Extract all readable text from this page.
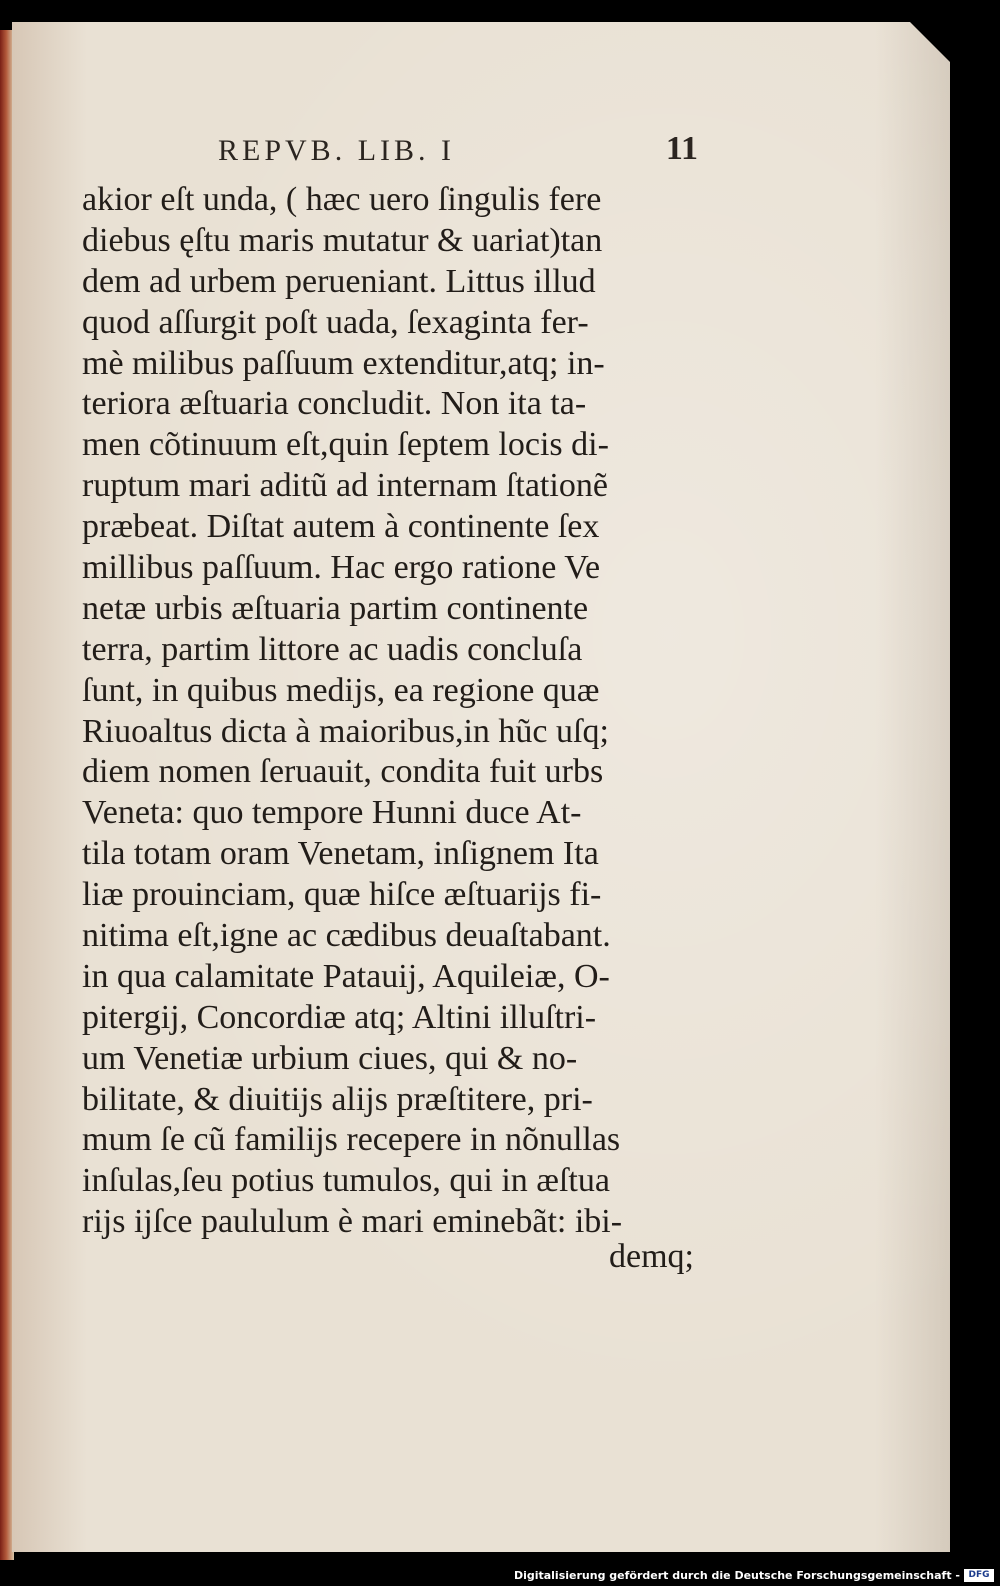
REPVB. LIB. I	11
akior eſt unda, ( hæc uero ſingulis fere
diebus ęſtu maris mutatur & uariat)tan
dem ad urbem perueniant. Littus illud
quod aſſurgit poſt uada, ſexaginta fer-
mè milibus paſſuum extenditur,atq; in-
teriora æſtuaria concludit. Non ita ta-
men cõtinuum eſt,quin ſeptem locis di-
ruptum mari aditũ ad internam ſtationẽ
præbeat. Diſtat autem à continente ſex
millibus paſſuum. Hac ergo ratione Ve
netæ urbis æſtuaria partim continente
terra, partim littore ac uadis concluſa
ſunt, in quibus medijs, ea regione quæ
Riuoaltus dicta à maioribus,in hũc uſq;
diem nomen ſeruauit, condita fuit urbs
Veneta: quo tempore Hunni duce At-
tila totam oram Venetam, inſignem Ita
liæ prouinciam, quæ hiſce æſtuarijs fi-
nitima eſt,igne ac cædibus deuaſtabant.
in qua calamitate Patauij, Aquileiæ, O-
pitergij, Concordiæ atq; Altini illuſtri-
um Venetiæ urbium ciues, qui & no-
bilitate, & diuitijs alijs præſtitere, pri-
mum ſe cũ familijs recepere in nõnullas
inſulas,ſeu potius tumulos, qui in æſtua
rijs ijſce paululum è mari eminebãt: ibi-
demq;
Digitalisierung gefördert durch die Deutsche Forschungsgemeinschaft - DFG
